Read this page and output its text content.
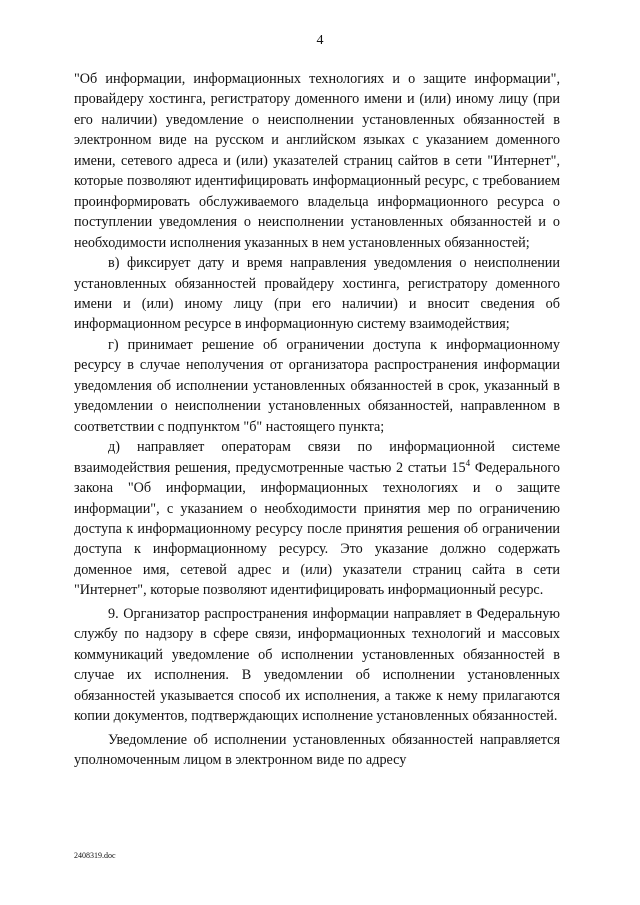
4

"Об информации, информационных технологиях и о защите информации", провайдеру хостинга, регистратору доменного имени и (или) иному лицу (при его наличии) уведомление о неисполнении установленных обязанностей в электронном виде на русском и английском языках с указанием доменного имени, сетевого адреса и (или) указателей страниц сайтов в сети "Интернет", которые позволяют идентифицировать информационный ресурс, с требованием проинформировать обслуживаемого владельца информационного ресурса о поступлении уведомления о неисполнении установленных обязанностей и о необходимости исполнения указанных в нем установленных обязанностей;

в) фиксирует дату и время направления уведомления о неисполнении установленных обязанностей провайдеру хостинга, регистратору доменного имени и (или) иному лицу (при его наличии) и вносит сведения об информационном ресурсе в информационную систему взаимодействия;

г) принимает решение об ограничении доступа к информационному ресурсу в случае неполучения от организатора распространения информации уведомления об исполнении установленных обязанностей в срок, указанный в уведомлении о неисполнении установленных обязанностей, направленном в соответствии с подпунктом "б" настоящего пункта;

д) направляет операторам связи по информационной системе взаимодействия решения, предусмотренные частью 2 статьи $15^4$ Федерального закона "Об информации, информационных технологиях и о защите информации", с указанием о необходимости принятия мер по ограничению доступа к информационному ресурсу после принятия решения об ограничении доступа к информационному ресурсу. Это указание должно содержать доменное имя, сетевой адрес и (или) указатели страниц сайта в сети "Интернет", которые позволяют идентифицировать информационный ресурс.

9. Организатор распространения информации направляет в Федеральную службу по надзору в сфере связи, информационных технологий и массовых коммуникаций уведомление об исполнении установленных обязанностей в случае их исполнения. В уведомлении об исполнении установленных обязанностей указывается способ их исполнения, а также к нему прилагаются копии документов, подтверждающих исполнение установленных обязанностей.

Уведомление об исполнении установленных обязанностей направляется уполномоченным лицом в электронном виде по адресу

2408319.doc
